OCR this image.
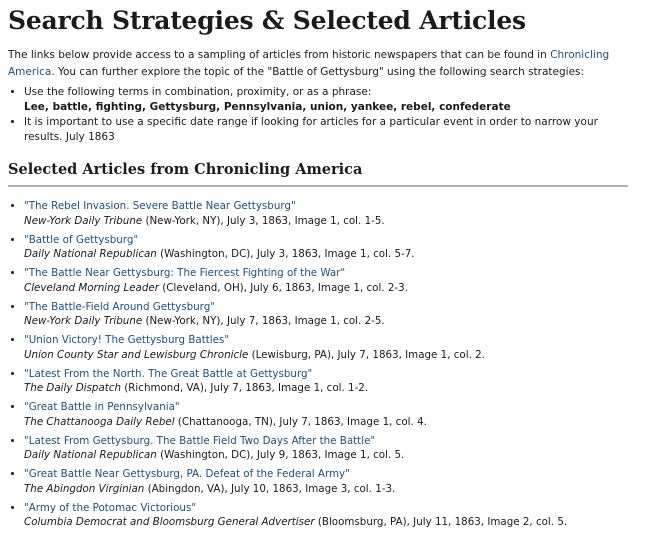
Search Strategies & Selected Articles

The links below provide access to a sampling of articles from historic newspapers that can be found in Chronicling America. You can further explore the topic of the "Battle of Gettysburg" using the following search strategies:

• Use the following terms in combination, proximity, or as a phrase:
Lee, battle, fighting, Gettysburg, Pennsylvania, union, yankee, rebel, confederate
• It is important to use a specific date range if looking for articles for a particular event in order to narrow your results. July 1863
Selected Articles from Chronicling America
• "The Rebel Invasion. Severe Battle Near Gettysburg"
New-York Daily Tribune (New-York, NY), July 3, 1863, Image 1, col. 1-5.
• "Battle of Gettysburg"
Daily National Republican (Washington, DC), July 3, 1863, Image 1, col. 5-7.
• "The Battle Near Gettysburg: The Fiercest Fighting of the War"
Cleveland Morning Leader (Cleveland, OH), July 6, 1863, Image 1, col. 2-3.
• "The Battle-Field Around Gettysburg"
New-York Daily Tribune (New-York, NY), July 7, 1863, Image 1, col. 2-5.
• "Union Victory! The Gettysburg Battles"
Union County Star and Lewisburg Chronicle (Lewisburg, PA), July 7, 1863, Image 1, col. 2.
• "Latest From the North. The Great Battle at Gettysburg"
The Daily Dispatch (Richmond, VA), July 7, 1863, Image 1, col. 1-2.
• "Great Battle in Pennsylvania"
The Chattanooga Daily Rebel (Chattanooga, TN), July 7, 1863, Image 1, col. 4.
• "Latest From Gettysburg. The Battle Field Two Days After the Battle"
Daily National Republican (Washington, DC), July 9, 1863, Image 1, col. 5.
• "Great Battle Near Gettysburg, PA. Defeat of the Federal Army"
The Abingdon Virginian (Abingdon, VA), July 10, 1863, Image 3, col. 1-3.
• "Army of the Potomac Victorious"
Columbia Democrat and Bloomsburg General Advertiser (Bloomsburg, PA), July 11, 1863, Image 2, col. 5.
